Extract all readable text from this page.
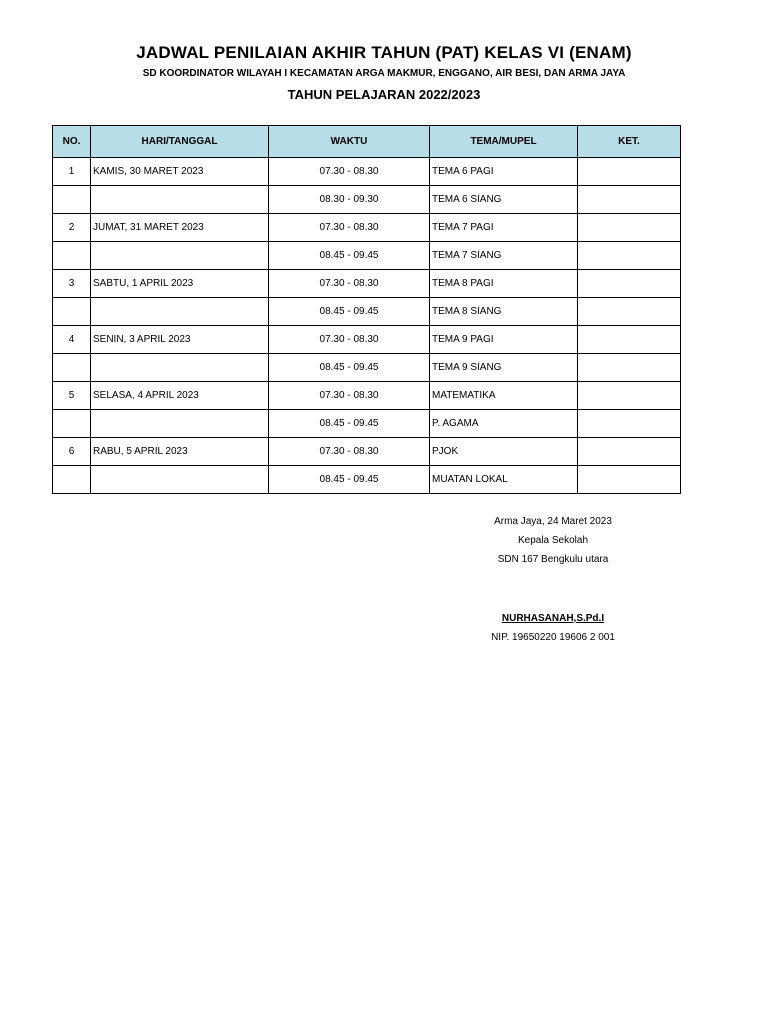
JADWAL PENILAIAN AKHIR TAHUN (PAT) KELAS VI (ENAM)
SD KOORDINATOR WILAYAH I KECAMATAN ARGA MAKMUR, ENGGANO, AIR BESI, DAN ARMA JAYA
TAHUN PELAJARAN 2022/2023
NO.	HARI/TANGGAL	WAKTU	TEMA/MUPEL	KET.
1	KAMIS, 30 MARET 2023	07.30 - 08.30	TEMA 6 PAGI	
		08.30 - 09.30	TEMA 6 SIANG	
2	JUMAT, 31 MARET 2023	07.30 - 08.30	TEMA 7 PAGI	
		08.45 - 09.45	TEMA 7 SIANG	
3	SABTU, 1 APRIL 2023	07.30 - 08.30	TEMA 8 PAGI	
		08.45 - 09.45	TEMA 8 SIANG	
4	SENIN, 3 APRIL 2023	07.30 - 08.30	TEMA 9 PAGI	
		08.45 - 09.45	TEMA 9 SIANG	
5	SELASA, 4 APRIL 2023	07.30 - 08.30	MATEMATIKA	
		08.45 - 09.45	P. AGAMA	
6	RABU, 5 APRIL 2023	07.30 - 08.30	PJOK	
		08.45 - 09.45	MUATAN LOKAL	
Arma Jaya, 24 Maret 2023
Kepala Sekolah
SDN 167 Bengkulu utara
NURHASANAH,S.Pd.I
NIP. 19650220 19606 2 001
